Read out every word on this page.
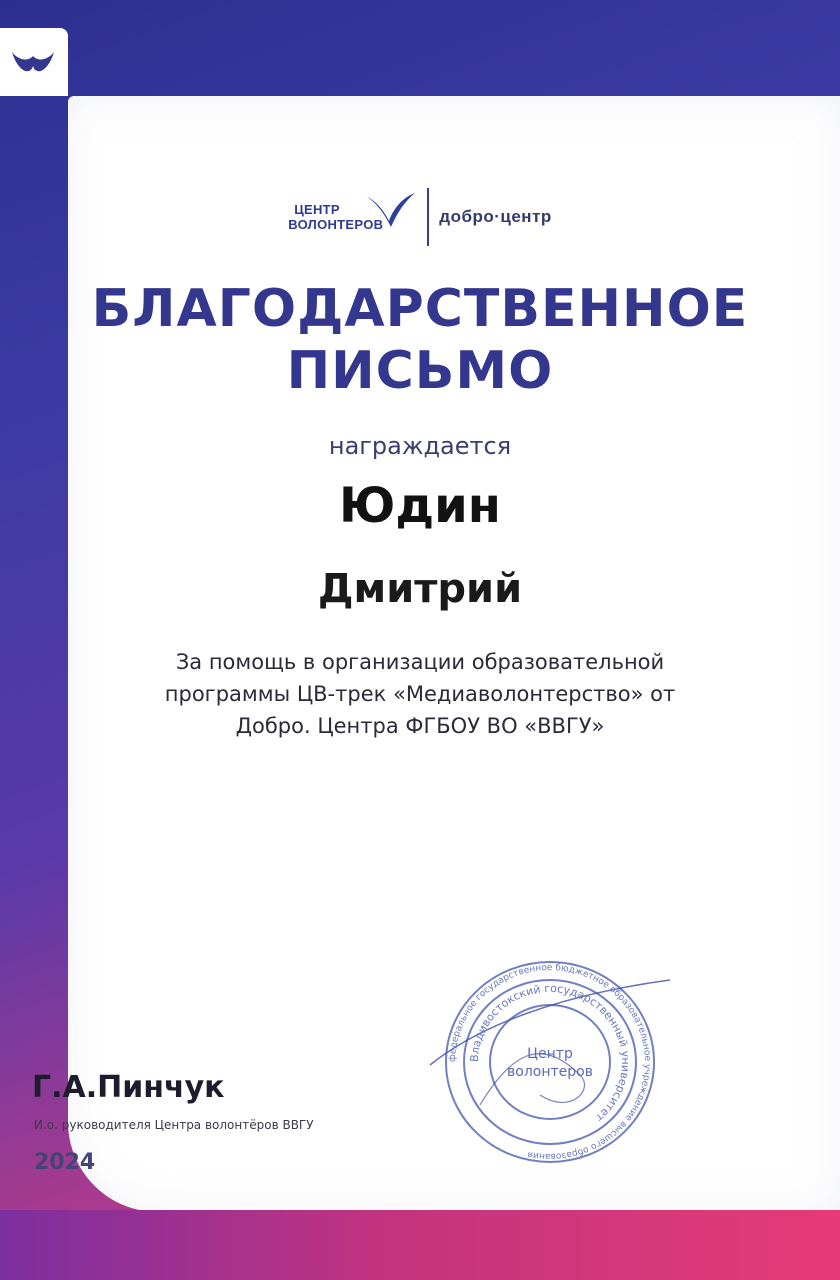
ЦЕНТР
ВОЛОНТЕРОВ	добро·центр
БЛАГОДАРСТВЕННОЕ
ПИСЬМО
награждается
Юдин
Дмитрий
За помощь в организации образовательной
программы ЦВ-трек «Медиаволонтерство» от
Добро. Центра ФГБОУ ВО «ВВГУ»
Г.А.Пинчук
И.о. руководителя Центра волонтёров ВВГУ
2024
федеральное государственное бюджетное образовательное учреждение высшего образования
Владивостокский государственный университет
Центр
волонтеров
